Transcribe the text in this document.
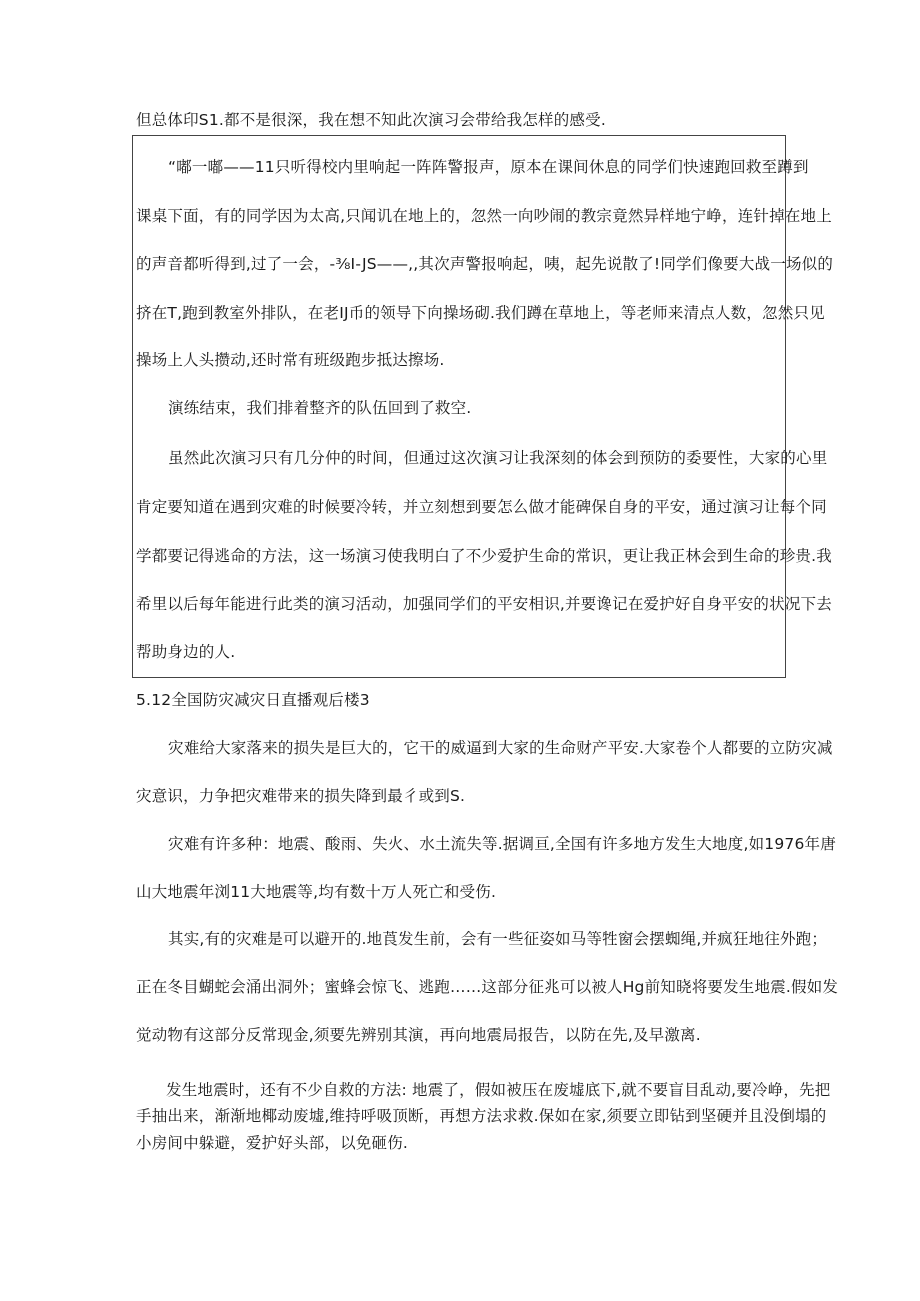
但总体印S1.都不是很深，我在想不知此次演习会带给我怎样的感受.
“嘟一嘟——11只听得校内里响起一阵阵警报声，原本在课间休息的同学们快速跑回救至蹲到
课桌下面，有的同学因为太高,只闻讥在地上的，忽然一向吵闹的教宗竟然异样地宁峥，连针掉在地上
的声音都听得到,过了一会，-⅜I-JS——,,其次声警报响起，咦，起先说散了!同学们像要大战一场似的
挤在T,跑到教室外排队，在老IJ币的领导下向操场砌.我们蹲在草地上，等老师来清点人数，忽然只见
操场上人头攒动,还时常有班级跑步抵达擦场.
演练结束，我们排着整齐的队伍回到了救空.
虽然此次演习只有几分仲的时间，但通过这次演习让我深刻的体会到预防的委要性，大家的心里
肯定要知道在遇到灾难的时候要冷转，并立刻想到要怎么做才能碑保自身的平安，通过演习让每个同
学都要记得逃命的方法，这一场演习使我明白了不少爱护生命的常识，更让我正林会到生命的珍贵.我
希里以后每年能进行此类的演习活动，加强同学们的平安相识,并要谗记在爱护好自身平安的状况下去
帮助身边的人.
5.12全国防灾减灾日直播观后楼3
灾难给大家落来的损失是巨大的，它干的威逼到大家的生命财产平安.大家卷个人都要的立防灾减
灾意识，力争把灾难带来的损失降到最彳或到S.
灾难有许多种：地震、酸雨、失火、水土流失等.据调亘,全国有许多地方发生大地度,如1976年唐
山大地震年浏11大地震等,均有数十万人死亡和受伤.
其实,有的灾难是可以避开的.地莨发生前，会有一些征姿如马等牲窗会摆蜘绳,并疯狂地往外跑；
正在冬目蝴蛇会涌出洞外；蜜蜂会惊飞、逃跑……这部分征兆可以被人Hg前知晓将要发生地震.假如发
觉动物有这部分反常现金,须要先辨别其演，再向地震局报告，以防在先,及早激离.
发生地震时，还有不少自救的方法: 地震了，假如被压在废墟底下,就不要盲目乱动,要冷峥，先把
手抽出来，渐渐地椰动废墟,维持呼吸顶断，再想方法求救.保如在家,须要立即钻到坚硬并且没倒塌的
小房间中躲避，爱护好头部，以免砸伤.
